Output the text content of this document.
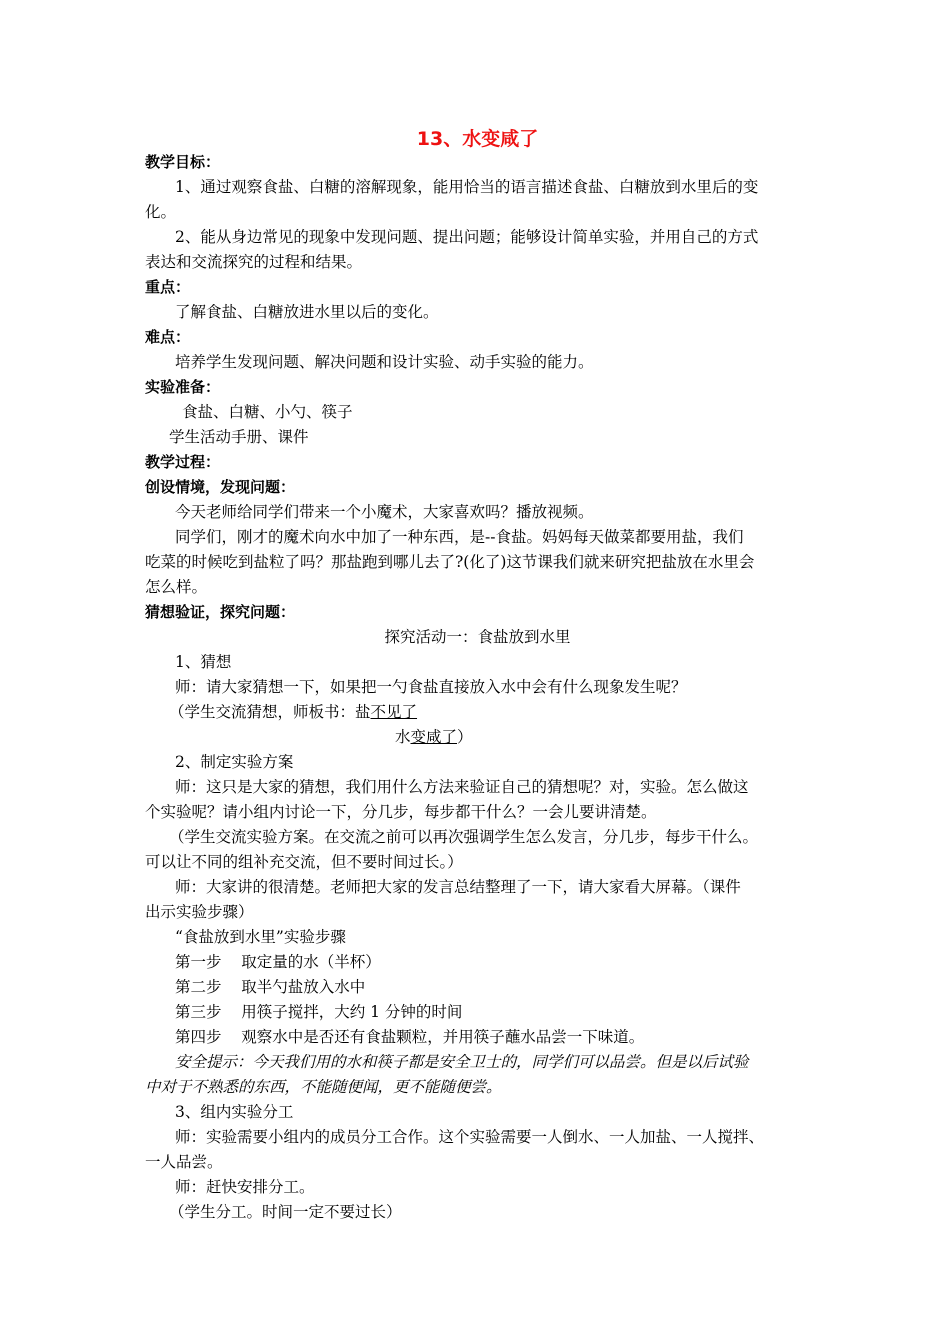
13、水变咸了
教学目标：
1、通过观察食盐、白糖的溶解现象，能用恰当的语言描述食盐、白糖放到水里后的变
化。
2、能从身边常见的现象中发现问题、提出问题；能够设计简单实验，并用自己的方式
表达和交流探究的过程和结果。
重点：
了解食盐、白糖放进水里以后的变化。
难点：
培养学生发现问题、解决问题和设计实验、动手实验的能力。
实验准备：
食盐、白糖、小勺、筷子
学生活动手册、课件
教学过程：
创设情境，发现问题：
今天老师给同学们带来一个小魔术，大家喜欢吗？播放视频。
同学们，刚才的魔术向水中加了一种东西，是--食盐。妈妈每天做菜都要用盐，我们
吃菜的时候吃到盐粒了吗？那盐跑到哪儿去了?(化了)这节课我们就来研究把盐放在水里会
怎么样。
猜想验证，探究问题：
探究活动一：食盐放到水里
1、猜想
师：请大家猜想一下，如果把一勺食盐直接放入水中会有什么现象发生呢？
（学生交流猜想，师板书：盐不见了
水变咸了）
2、制定实验方案
师：这只是大家的猜想，我们用什么方法来验证自己的猜想呢？对，实验。怎么做这
个实验呢？请小组内讨论一下，分几步，每步都干什么？一会儿要讲清楚。
（学生交流实验方案。在交流之前可以再次强调学生怎么发言，分几步，每步干什么。
可以让不同的组补充交流，但不要时间过长。）
师：大家讲的很清楚。老师把大家的发言总结整理了一下，请大家看大屏幕。（课件
出示实验步骤）
“食盐放到水里”实验步骤
第一步    取定量的水（半杯）
第二步    取半勺盐放入水中
第三步    用筷子搅拌，大约 1 分钟的时间
第四步    观察水中是否还有食盐颗粒，并用筷子蘸水品尝一下味道。
安全提示：今天我们用的水和筷子都是安全卫士的，同学们可以品尝。但是以后试验
中对于不熟悉的东西，不能随便闻，更不能随便尝。
3、组内实验分工
师：实验需要小组内的成员分工合作。这个实验需要一人倒水、一人加盐、一人搅拌、
一人品尝。
师：赶快安排分工。
（学生分工。时间一定不要过长）
